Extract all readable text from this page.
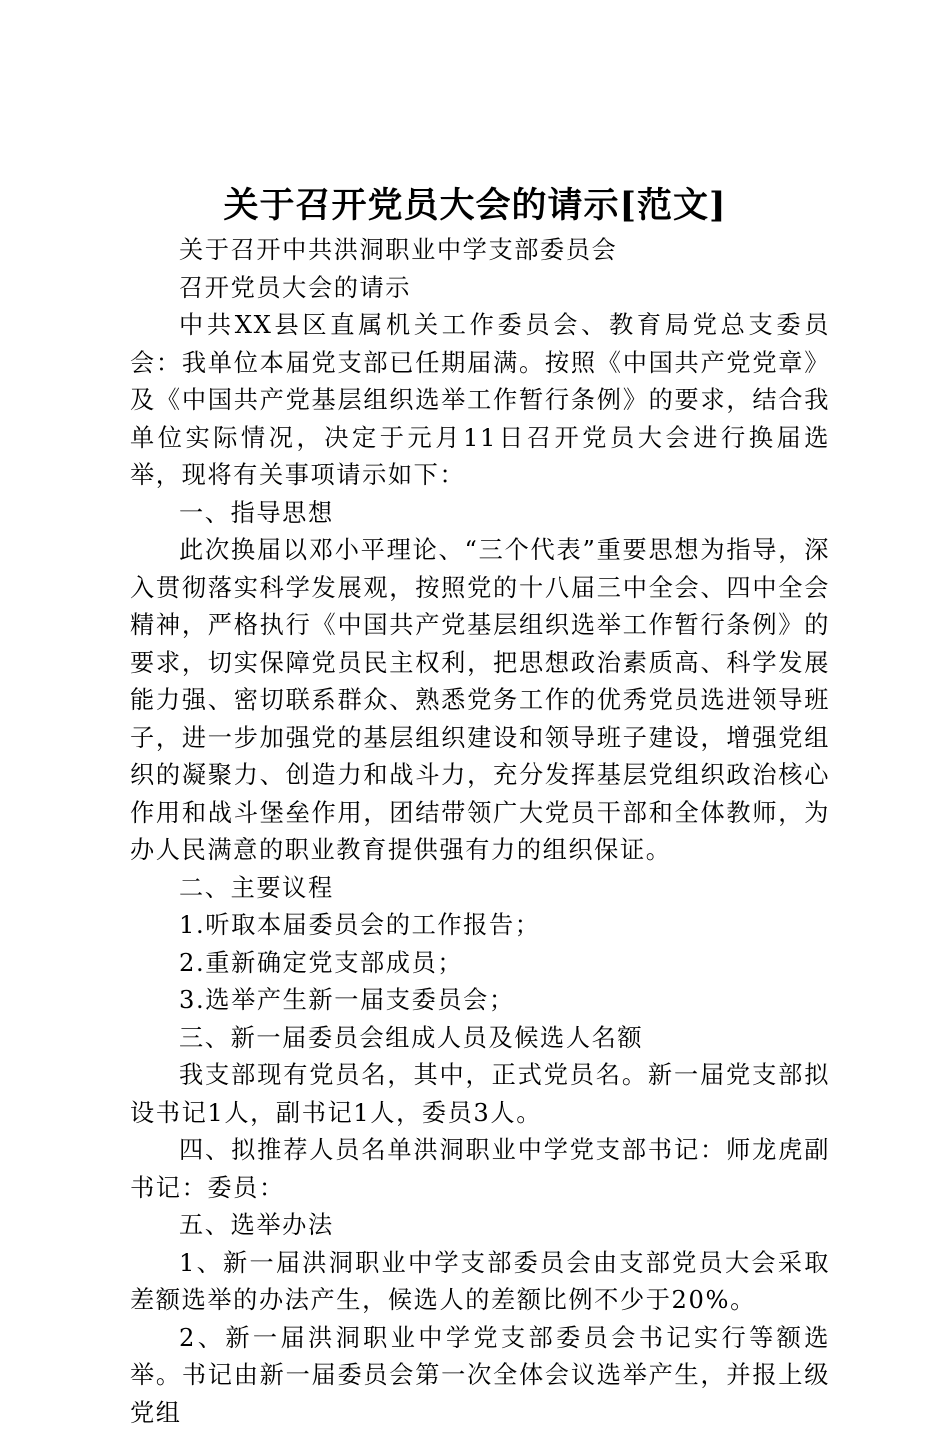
关于召开党员大会的请示[范文]

关于召开中共洪洞职业中学支部委员会

召开党员大会的请示

中共XX县区直属机关工作委员会、教育局党总支委员会：我单位本届党支部已任期届满。按照《中国共产党党章》及《中国共产党基层组织选举工作暂行条例》的要求，结合我单位实际情况，决定于元月11日召开党员大会进行换届选举，现将有关事项请示如下：

一、指导思想

此次换届以邓小平理论、“三个代表”重要思想为指导，深入贯彻落实科学发展观，按照党的十八届三中全会、四中全会精神，严格执行《中国共产党基层组织选举工作暂行条例》的要求，切实保障党员民主权利，把思想政治素质高、科学发展能力强、密切联系群众、熟悉党务工作的优秀党员选进领导班子，进一步加强党的基层组织建设和领导班子建设，增强党组织的凝聚力、创造力和战斗力，充分发挥基层党组织政治核心作用和战斗堡垒作用，团结带领广大党员干部和全体教师，为办人民满意的职业教育提供强有力的组织保证。

二、主要议程

1.听取本届委员会的工作报告；

2.重新确定党支部成员；

3.选举产生新一届支委员会；

三、新一届委员会组成人员及候选人名额

我支部现有党员名，其中，正式党员名。新一届党支部拟设书记1人，副书记1人，委员3人。

四、拟推荐人员名单洪洞职业中学党支部书记：师龙虎副书记：委员：

五、选举办法

1、新一届洪洞职业中学支部委员会由支部党员大会采取差额选举的办法产生，候选人的差额比例不少于20%。

2、新一届洪洞职业中学党支部委员会书记实行等额选举。书记由新一届委员会第一次全体会议选举产生，并报上级党组
